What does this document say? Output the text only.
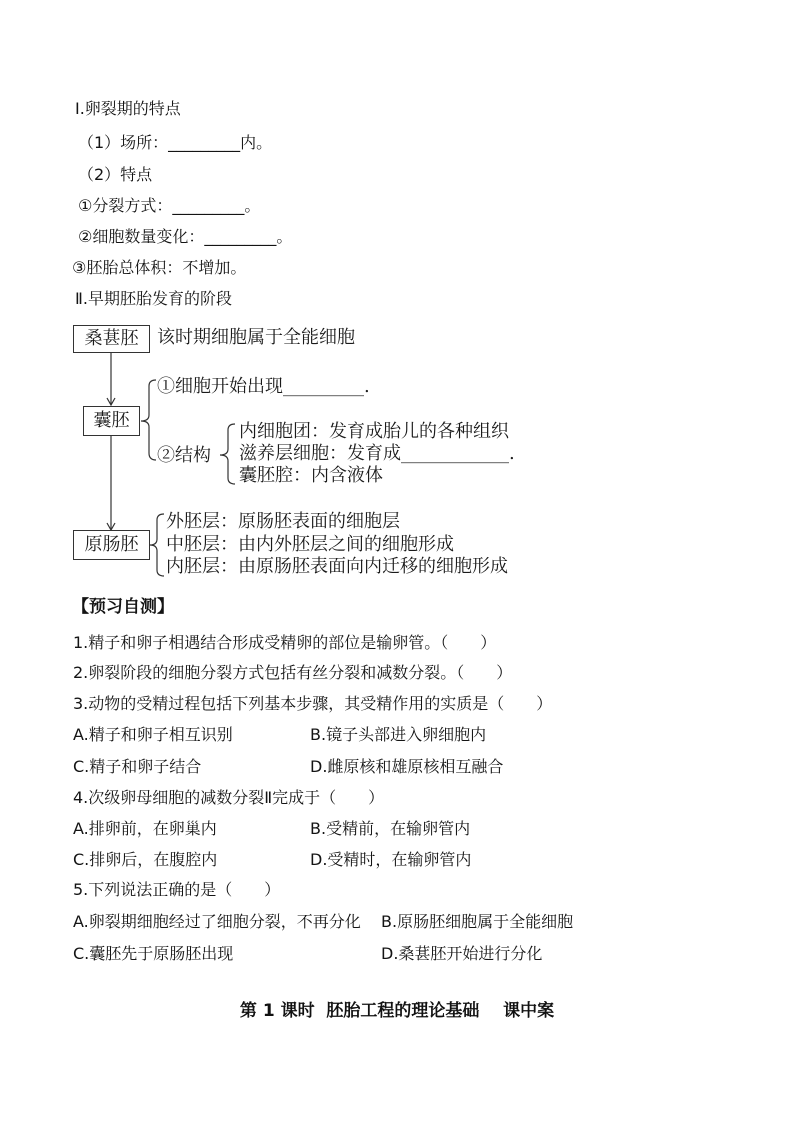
Ⅰ.卵裂期的特点
（1）场所：_________内。
（2）特点
①分裂方式：_________。
②细胞数量变化：_________。
③胚胎总体积：不增加。
Ⅱ.早期胚胎发育的阶段
桑葚胚	该时期细胞属于全能细胞
囊胚
①细胞开始出现_________.
②结构
内细胞团：发育成胎儿的各种组织
滋养层细胞：发育成____________.
囊胚腔：内含液体
原肠胚
外胚层：原肠胚表面的细胞层
中胚层：由内外胚层之间的细胞形成
内胚层：由原肠胚表面向内迁移的细胞形成
【预习自测】
1.精子和卵子相遇结合形成受精卵的部位是输卵管。（　　）
2.卵裂阶段的细胞分裂方式包括有丝分裂和减数分裂。（　　）
3.动物的受精过程包括下列基本步骤，其受精作用的实质是（　　）
A.精子和卵子相互识别	B.镜子头部进入卵细胞内
C.精子和卵子结合	D.雌原核和雄原核相互融合
4.次级卵母细胞的减数分裂Ⅱ完成于（　　）
A.排卵前，在卵巢内	B.受精前，在输卵管内
C.排卵后，在腹腔内	D.受精时，在输卵管内
5.下列说法正确的是（　　）
A.卵裂期细胞经过了细胞分裂，不再分化 B.原肠胚细胞属于全能细胞
C.囊胚先于原肠胚出现	D.桑葚胚开始进行分化
第 1 课时  胚胎工程的理论基础    课中案
